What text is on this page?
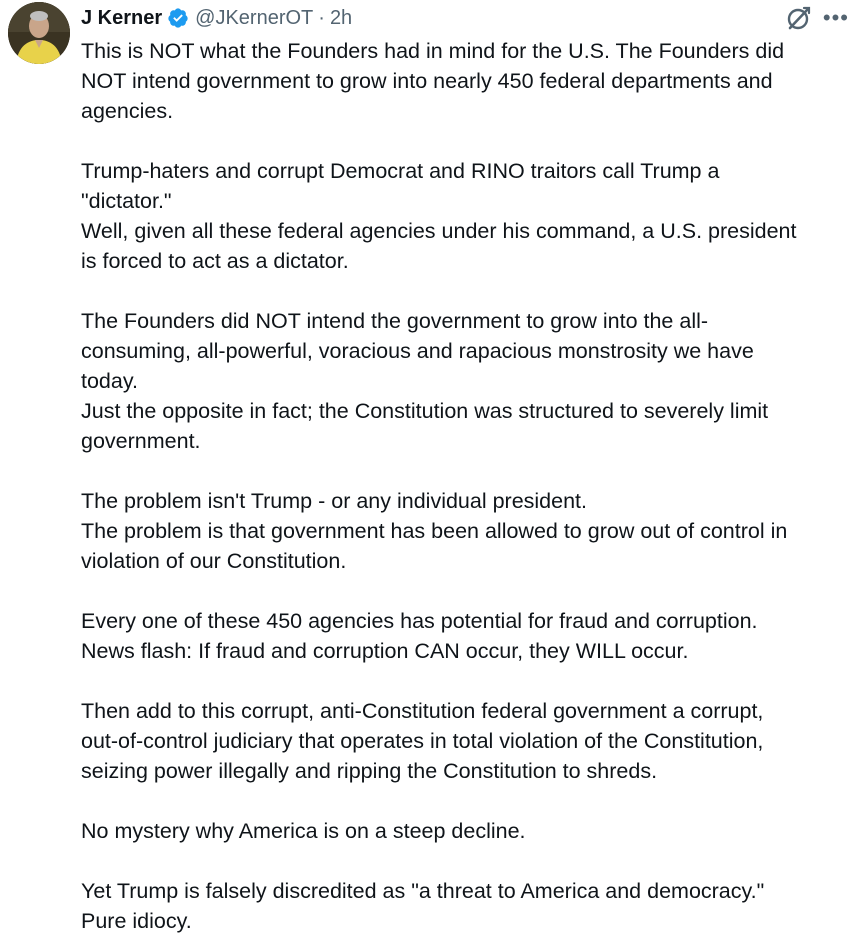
J Kerner @JKernerOT · 2h	•••
This is NOT what the Founders had in mind for the U.S. The Founders did
NOT intend government to grow into nearly 450 federal departments and
agencies.
Trump-haters and corrupt Democrat and RINO traitors call Trump a
"dictator."
Well, given all these federal agencies under his command, a U.S. president
is forced to act as a dictator.
The Founders did NOT intend the government to grow into the all-
consuming, all-powerful, voracious and rapacious monstrosity we have
today.
Just the opposite in fact; the Constitution was structured to severely limit
government.
The problem isn't Trump - or any individual president.
The problem is that government has been allowed to grow out of control in
violation of our Constitution.
Every one of these 450 agencies has potential for fraud and corruption.
News flash: If fraud and corruption CAN occur, they WILL occur.
Then add to this corrupt, anti-Constitution federal government a corrupt,
out-of-control judiciary that operates in total violation of the Constitution,
seizing power illegally and ripping the Constitution to shreds.
No mystery why America is on a steep decline.
Yet Trump is falsely discredited as "a threat to America and democracy."
Pure idiocy.
